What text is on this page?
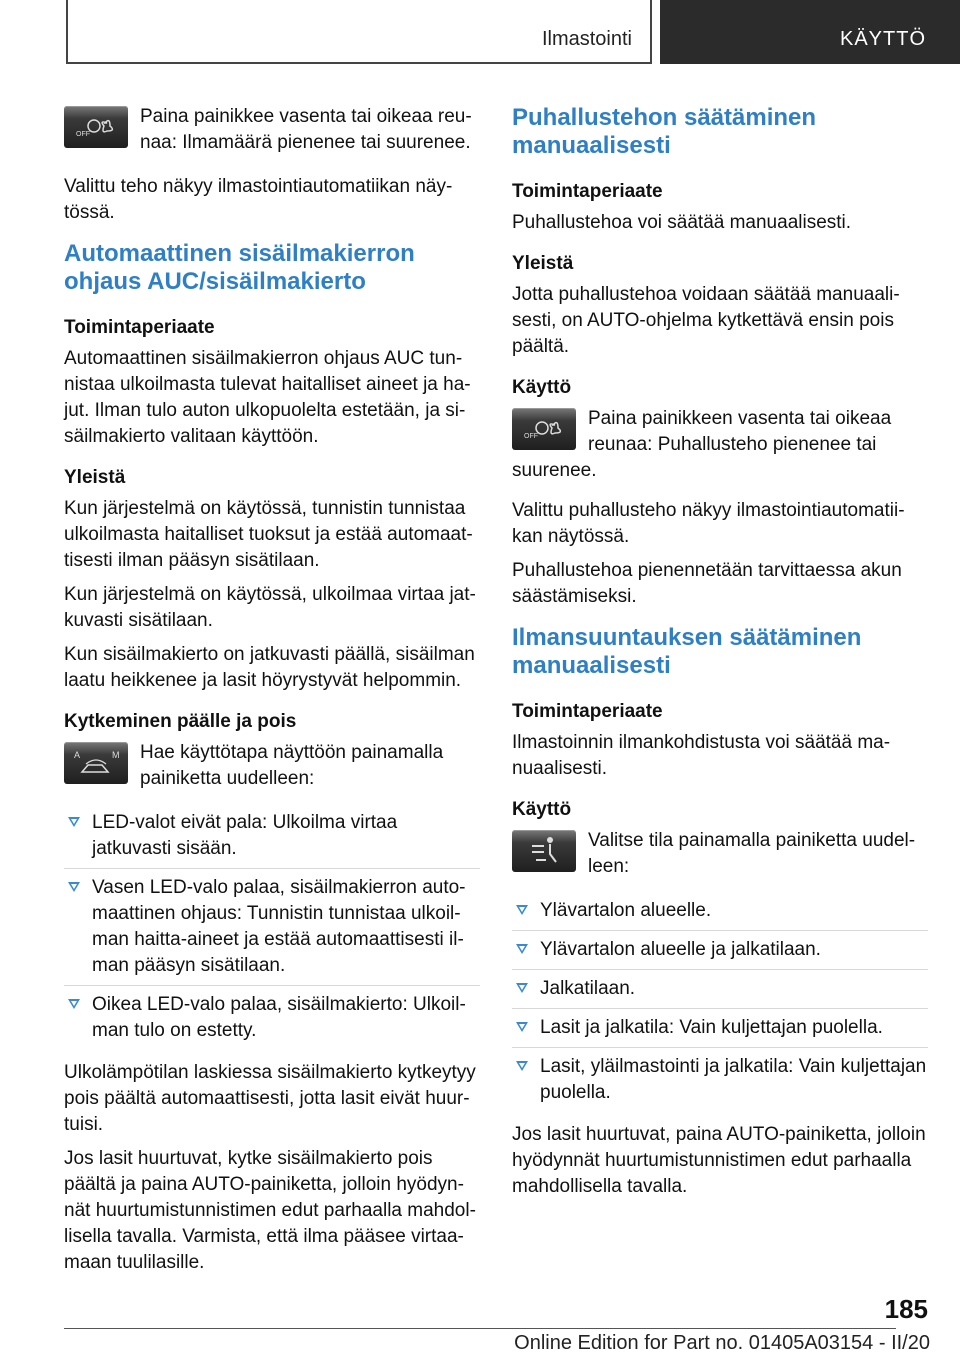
Ilmastointi	KÄYTTÖ
OFF

Paina painikkee vasenta tai oikeaa reunaa: Ilmamäärä pienenee tai suurenee.

Valittu teho näkyy ilmastointiautomatiikan näytössä.

Automaattinen sisäilmakierron ohjaus AUC/sisäilmakierto
Toimintaperiaate

Automaattinen sisäilmakierron ohjaus AUC tunnistaa ulkoilmasta tulevat haitalliset aineet ja hajut. Ilman tulo auton ulkopuolelta estetään, ja sisäilmakierto valitaan käyttöön.

Yleistä

Kun järjestelmä on käytössä, tunnistin tunnistaa ulkoilmasta haitalliset tuoksut ja estää automaattisesti ilman pääsyn sisätilaan.

Kun järjestelmä on käytössä, ulkoilmaa virtaa jatkuvasti sisätilaan.

Kun sisäilmakierto on jatkuvasti päällä, sisäilman laatu heikkenee ja lasit höyrystyvät helpommin.

Kytkeminen päälle ja pois
A	M	Hae käyttötapa näyttöön painamalla painiketta uudelleen:

LED-valot eivät pala: Ulkoilma virtaa jatkuvasti sisään.
Vasen LED-valo palaa, sisäilmakierron automaattinen ohjaus: Tunnistin tunnistaa ulkoilman haitta-aineet ja estää automaattisesti ilman pääsyn sisätilaan.
Oikea LED-valo palaa, sisäilmakierto: Ulkoilman tulo on estetty.

Ulkolämpötilan laskiessa sisäilmakierto kytkeytyy pois päältä automaattisesti, jotta lasit eivät huurtuisi.

Jos lasit huurtuvat, kytke sisäilmakierto pois päältä ja paina AUTO-painiketta, jolloin hyödynnät huurtumistunnistimen edut parhaalla mahdollisella tavalla. Varmista, että ilma pääsee virtaamaan tuulilasille.

Puhallustehon säätäminen manuaalisesti
Toimintaperiaate

Puhallustehoa voi säätää manuaalisesti.

Yleistä

Jotta puhallustehoa voidaan säätää manuaalisesti, on AUTO-ohjelma kytkettävä ensin pois päältä.

Käyttö
OFF

Paina painikkeen vasenta tai oikeaa reunaa: Puhallusteho pienenee tai suurenee.

Valittu puhallusteho näkyy ilmastointiautomatiikan näytössä.

Puhallustehoa pienennetään tarvittaessa akun säästämiseksi.

Ilmansuuntauksen säätäminen manuaalisesti
Toimintaperiaate

Ilmastoinnin ilmankohdistusta voi säätää manuaalisesti.

Käyttö

Valitse tila painamalla painiketta uudelleen:

Ylävartalon alueelle.
Ylävartalon alueelle ja jalkatilaan.
Jalkatilaan.
Lasit ja jalkatila: Vain kuljettajan puolella.
Lasit, yläilmastointi ja jalkatila: Vain kuljettajan puolella.

Jos lasit huurtuvat, paina AUTO-painiketta, jolloin hyödynnät huurtumistunnistimen edut parhaalla mahdollisella tavalla.

185
Online Edition for Part no. 01405A03154 - II/20
